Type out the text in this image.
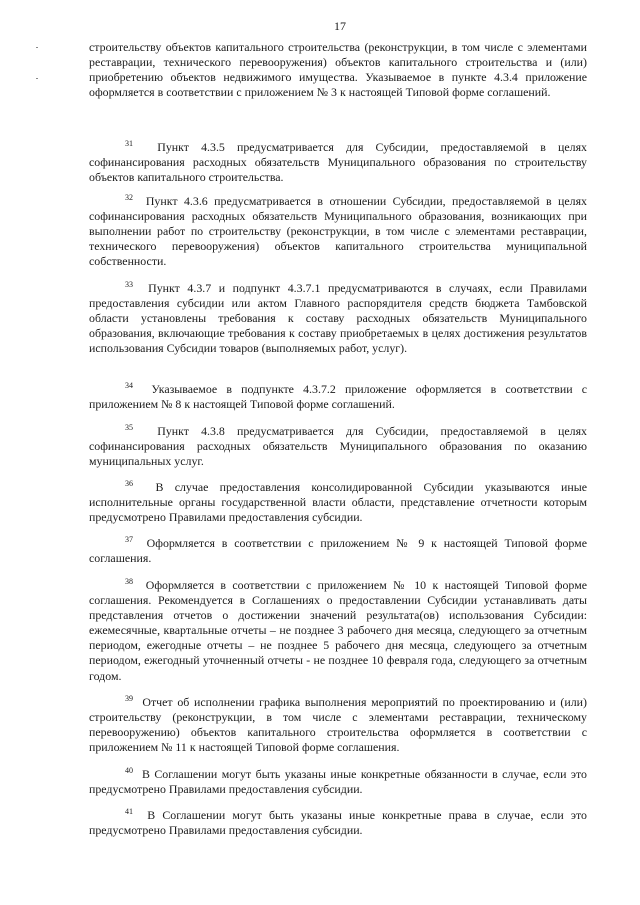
17

строительству объектов капитального строительства (реконструкции, в том числе с элементами реставрации, технического перевооружения) объектов капитального строительства и (или) приобретению объектов недвижимого имущества. Указываемое в пункте 4.3.4 приложение оформляется в соответствии с приложением № 3 к настоящей Типовой форме соглашений.

$^{31}$ Пункт 4.3.5 предусматривается для Субсидии, предоставляемой в целях софинансирования расходных обязательств Муниципального образования по строительству объектов капитального строительства.

$^{32}$ Пункт 4.3.6 предусматривается в отношении Субсидии, предоставляемой в целях софинансирования расходных обязательств Муниципального образования, возникающих при выполнении работ по строительству (реконструкции, в том числе с элементами реставрации, технического перевооружения) объектов капитального строительства муниципальной собственности.

$^{33}$ Пункт 4.3.7 и подпункт 4.3.7.1 предусматриваются в случаях, если Правилами предоставления субсидии или актом Главного распорядителя средств бюджета Тамбовской области установлены требования к составу расходных обязательств Муниципального образования, включающие требования к составу приобретаемых в целях достижения результатов использования Субсидии товаров (выполняемых работ, услуг).

$^{34}$ Указываемое в подпункте 4.3.7.2 приложение оформляется в соответствии с приложением № 8 к настоящей Типовой форме соглашений.

$^{35}$ Пункт 4.3.8 предусматривается для Субсидии, предоставляемой в целях софинансирования расходных обязательств Муниципального образования по оказанию муниципальных услуг.

$^{36}$ В случае предоставления консолидированной Субсидии указываются иные исполнительные органы государственной власти области, представление отчетности которым предусмотрено Правилами предоставления субсидии.

$^{37}$ Оформляется в соответствии с приложением № 9 к настоящей Типовой форме соглашения.

$^{38}$ Оформляется в соответствии с приложением № 10 к настоящей Типовой форме соглашения. Рекомендуется в Соглашениях о предоставлении Субсидии устанавливать даты представления отчетов о достижении значений результата(ов) использования Субсидии: ежемесячные, квартальные отчеты – не позднее 3 рабочего дня месяца, следующего за отчетным периодом, ежегодные отчеты – не позднее 5 рабочего дня месяца, следующего за отчетным периодом, ежегодный уточненный отчеты - не позднее 10 февраля года, следующего за отчетным годом.

$^{39}$ Отчет об исполнении графика выполнения мероприятий по проектированию и (или) строительству (реконструкции, в том числе с элементами реставрации, техническому перевооружению) объектов капитального строительства оформляется в соответствии с приложением № 11 к настоящей Типовой форме соглашения.

$^{40}$ В Соглашении могут быть указаны иные конкретные обязанности в случае, если это предусмотрено Правилами предоставления субсидии.

$^{41}$ В Соглашении могут быть указаны иные конкретные права в случае, если это предусмотрено Правилами предоставления субсидии.
